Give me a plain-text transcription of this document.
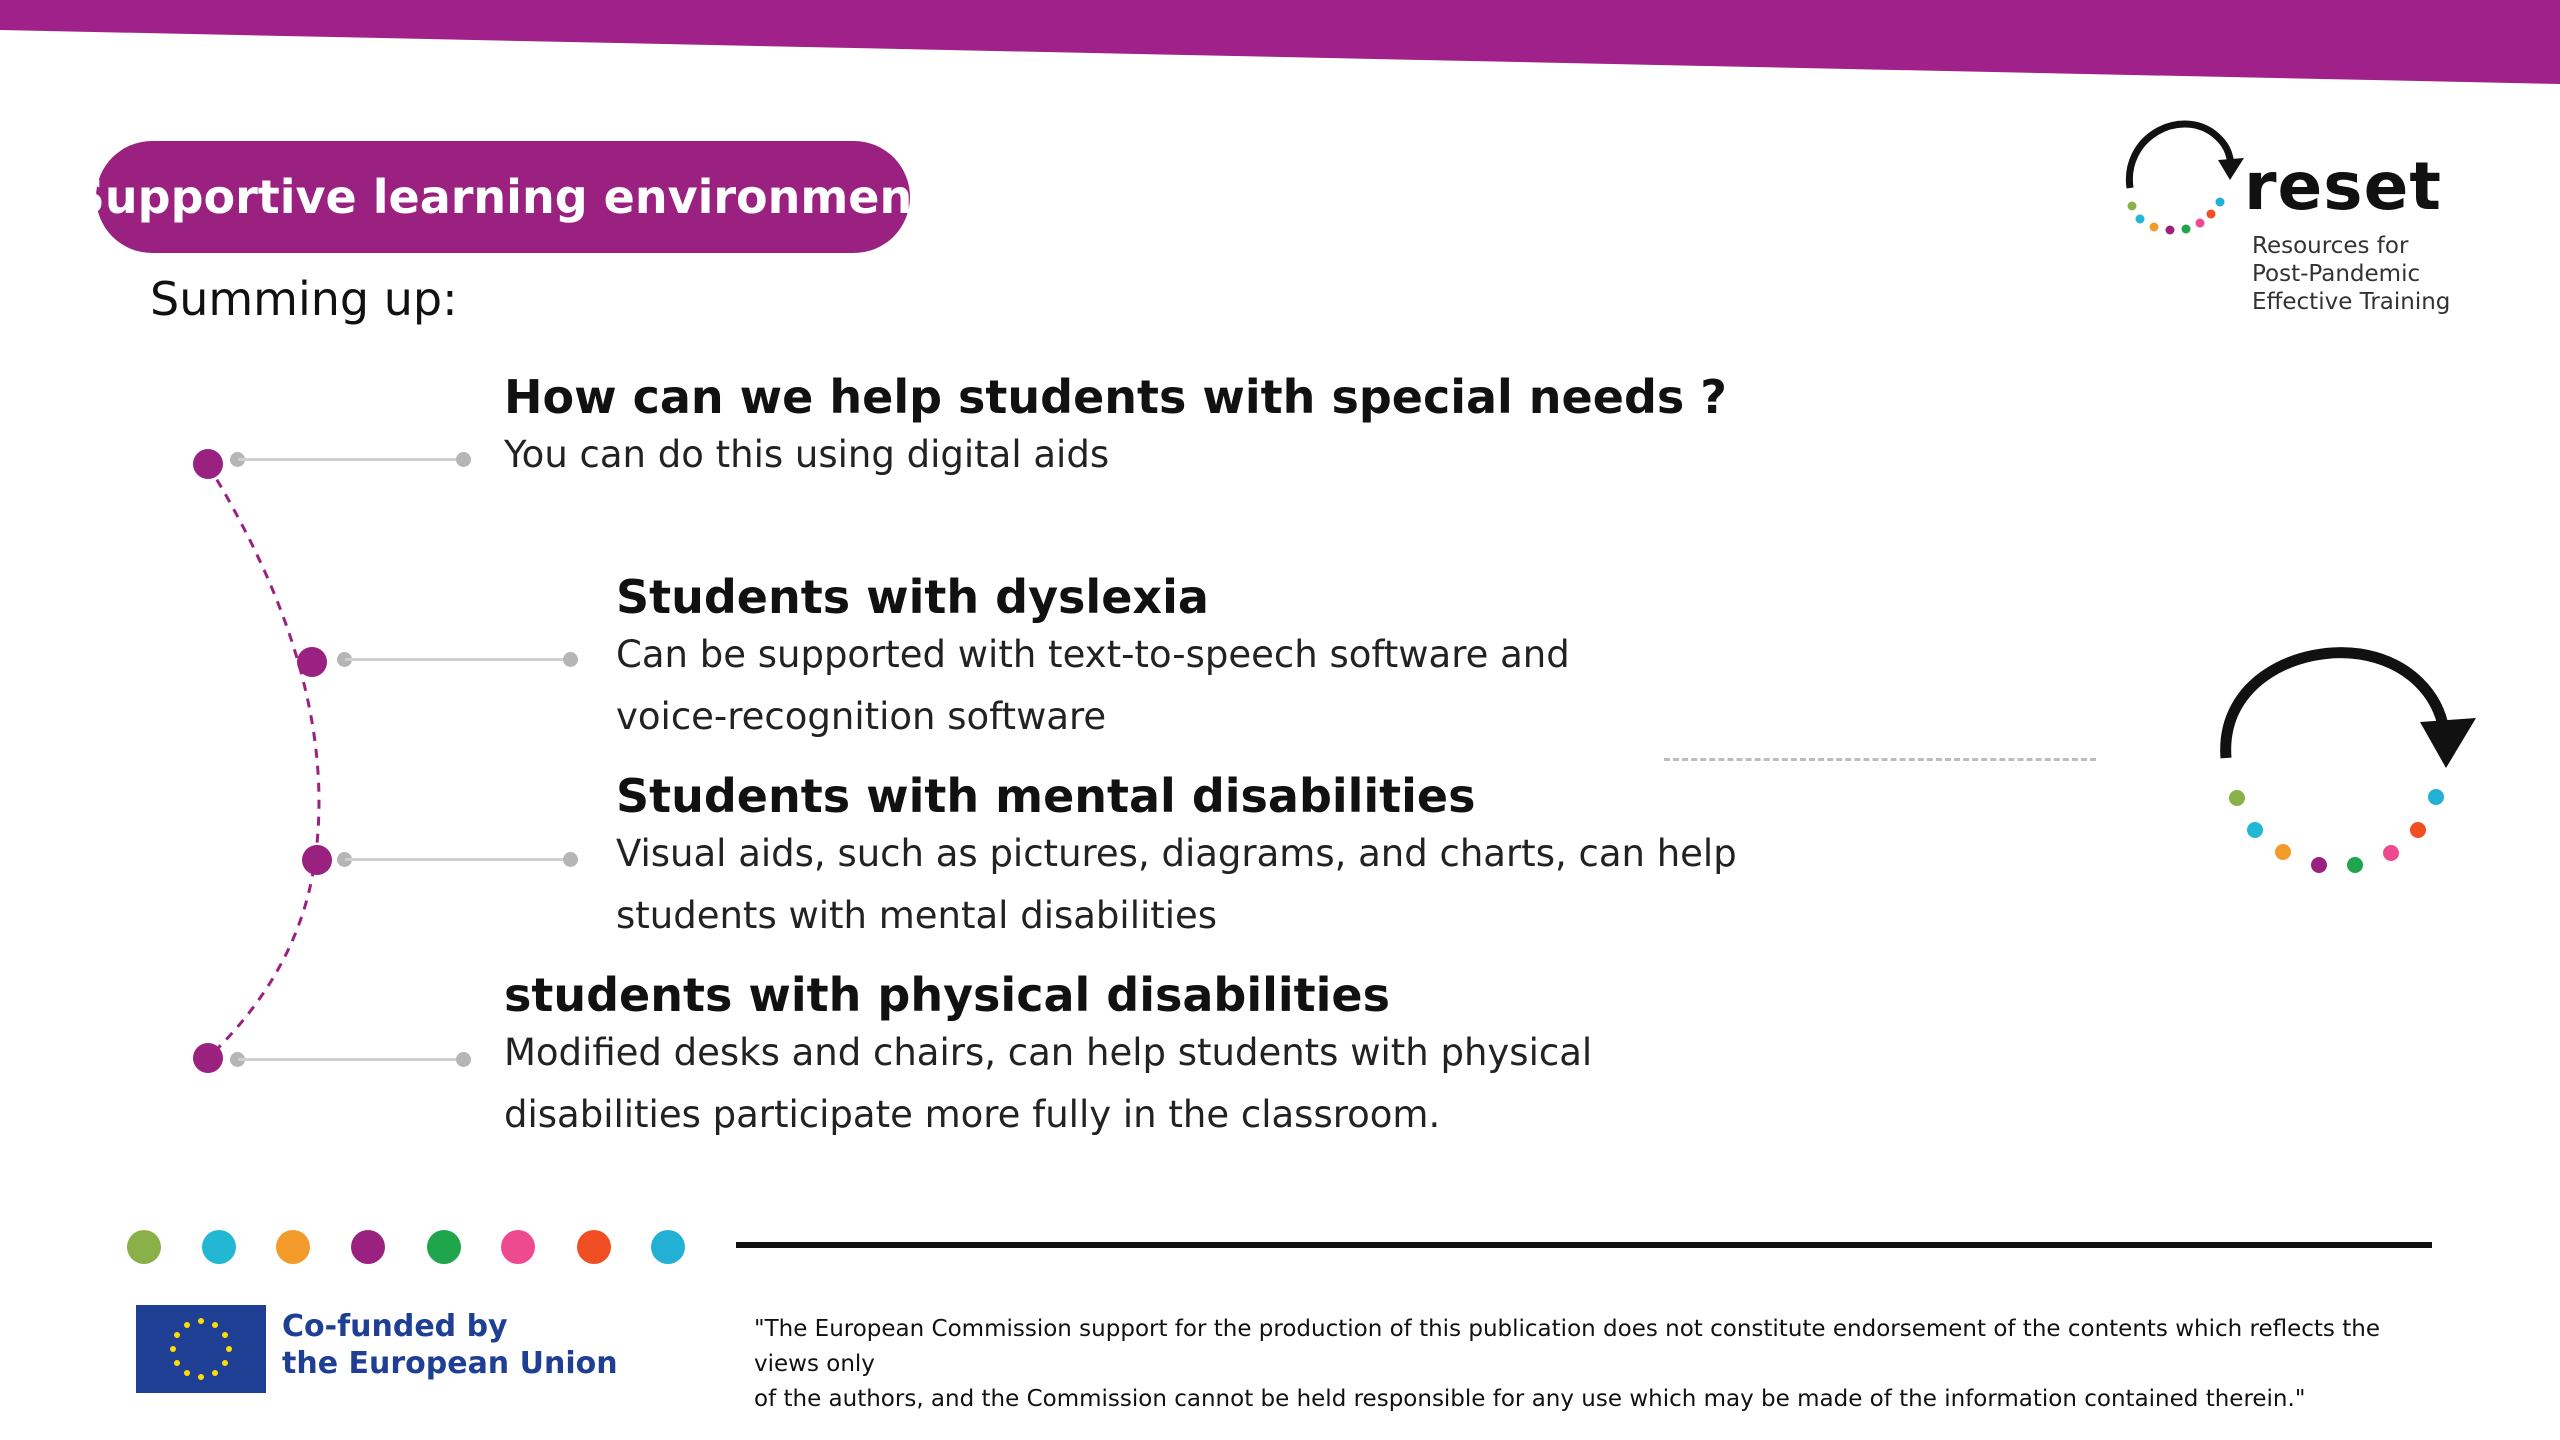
Supportive learning environment
Summing up:
How can we help students with special needs ?
You can do this using digital aids
Students with dyslexia
Can be supported with text-to-speech software and
voice-recognition software
Students with mental disabilities
Visual aids, such as pictures, diagrams, and charts, can help
students with mental disabilities
students with physical disabilities
Modified desks and chairs, can help students with physical
disabilities participate more fully in the classroom.
reset
Resources for
Post-Pandemic
Effective Training
Co-funded by
the European Union
"The European Commission support for the production of this publication does not constitute endorsement of the contents which reflects the views only
of the authors, and the Commission cannot be held responsible for any use which may be made of the information contained therein."
